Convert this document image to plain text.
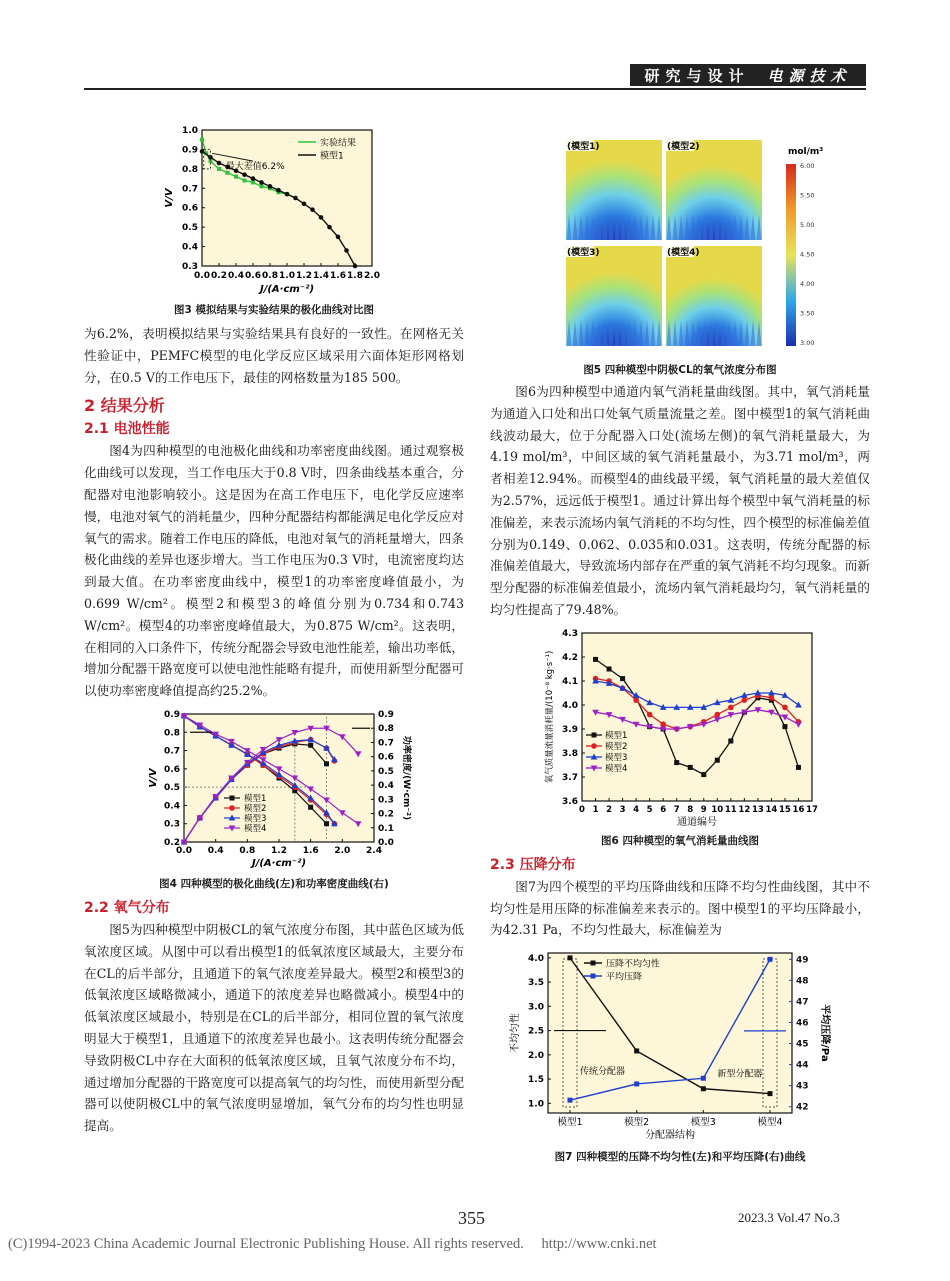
研究与设计 电源技术
0.0 0.2 0.4 0.6 0.8 1.0 1.2 1.4 1.6 1.8 2.0
0.3
0.4
0.5
0.6
0.7
0.8
0.9
1.0
J/(A·cm⁻²)
V/V
实验结果
模型1
最大差值6.2%
图3 模拟结果与实验结果的极化曲线对比图

为6.2%，表明模拟结果与实验结果具有良好的一致性。在网格无关性验证中，PEMFC模型的电化学反应区域采用六面体矩形网格划分，在0.5 V的工作电压下，最佳的网格数量为185 500。

2 结果分析
2.1 电池性能

图4为四种模型的电池极化曲线和功率密度曲线图。通过观察极化曲线可以发现，当工作电压大于0.8 V时，四条曲线基本重合，分配器对电池影响较小。这是因为在高工作电压下，电化学反应速率慢，电池对氧气的消耗量少，四种分配器结构都能满足电化学反应对氧气的需求。随着工作电压的降低，电池对氧气的消耗量增大，四条极化曲线的差异也逐步增大。当工作电压为0.3 V时，电流密度均达到最大值。在功率密度曲线中，模型1的功率密度峰值最小，为0.699 W/cm²。模型2和模型3的峰值分别为0.734和0.743 W/cm²。模型4的功率密度峰值最大，为0.875 W/cm²。这表明，在相同的入口条件下，传统分配器会导致电池性能差，输出功率低，增加分配器干路宽度可以使电池性能略有提升，而使用新型分配器可以使功率密度峰值提高约25.2%。

0.0 0.4 0.8 1.2 1.6 2.0 2.4
0.2
0.3
0.4
0.5
0.6
0.7
0.8
0.9
0.0
0.1
0.2
0.3
0.4
0.5
0.6
0.7
0.8
0.9
J/(A·cm⁻²)
V/V	功率密度/(W·cm⁻²)
模型1
模型2
模型3
模型4
图4 四种模型的极化曲线(左)和功率密度曲线(右)
2.2 氧气分布

图5为四种模型中阴极CL的氧气浓度分布图，其中蓝色区域为低氧浓度区域。从图中可以看出模型1的低氧浓度区域最大，主要分布在CL的后半部分，且通道下的氧气浓度差异最大。模型2和模型3的低氧浓度区域略微减小，通道下的浓度差异也略微减小。模型4中的低氧浓度区域最小，特别是在CL的后半部分，相同位置的氧气浓度明显大于模型1，且通道下的浓度差异也最小。这表明传统分配器会导致阴极CL中存在大面积的低氧浓度区域，且氧气浓度分布不均，通过增加分配器的干路宽度可以提高氧气的均匀性，而使用新型分配器可以使阴极CL中的氧气浓度明显增加，氧气分布的均匀性也明显提高。

(模型1)	(模型2)
(模型3)	(模型4)
mol/m³
6.00
5.50
5.00
4.50
4.00
3.50
3.00
图5 四种模型中阴极CL的氧气浓度分布图

图6为四种模型中通道内氧气消耗量曲线图。其中，氧气消耗量为通道入口处和出口处氧气质量流量之差。图中模型1的氧气消耗曲线波动最大，位于分配器入口处(流场左侧)的氧气消耗量最大，为4.19 mol/m³，中间区域的氧气消耗量最小，为3.71 mol/m³，两者相差12.94%。而模型4的曲线最平缓，氧气消耗量的最大差值仅为2.57%，远远低于模型1。通过计算出每个模型中氧气消耗量的标准偏差，来表示流场内氧气消耗的不均匀性，四个模型的标准偏差值分别为0.149、0.062、0.035和0.031。这表明，传统分配器的标准偏差值最大，导致流场内部存在严重的氧气消耗不均匀现象。而新型分配器的标准偏差值最小，流场内氧气消耗最均匀，氧气消耗量的均匀性提高了79.48%。

0 1 2 3 4 5 6 7 8 9 10 11 12 13 14 15 16 17
3.6
3.7
3.8
3.9
4.0
4.1
4.2
4.3
通道编号
氧气质量流量消耗量/(10⁻⁸ kg·s⁻¹)	模型1
模型2
模型3
模型4
图6 四种模型的氧气消耗量曲线图
2.3 压降分布

图7为四个模型的平均压降曲线和压降不均匀性曲线图，其中不均匀性是用压降的标准偏差来表示的。图中模型1的平均压降最小，为42.31 Pa，不均匀性最大，标准偏差为

模型1	模型2	模型3	模型4
1.0
1.5
2.0
2.5
3.0
3.5
4.0
42
43
44
45
46
47
48
49
分配器结构
不均匀性	平均压降/Pa
压降不均匀性
平均压降
传统分配器	新型分配器
图7 四种模型的压降不均匀性(左)和平均压降(右)曲线
355	2023.3 Vol.47 No.3
(C)1994-2023 China Academic Journal Electronic Publishing House. All rights reserved. http://www.cnki.net
